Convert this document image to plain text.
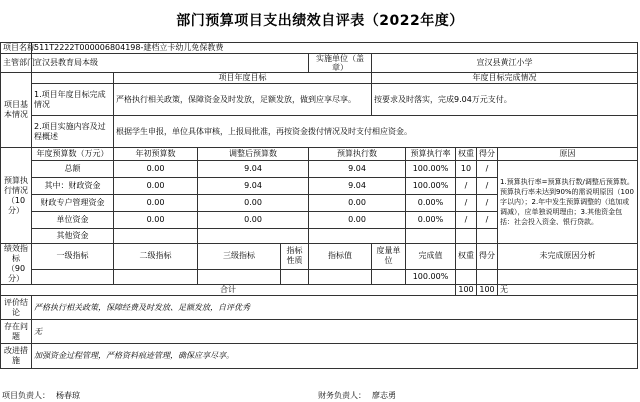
部门预算项目支出绩效自评表（2022年度）
项目名称	511T2222T000006804198-建档立卡幼儿免保教费									
主管部门	宣汉县教育局本级				实施单位（盖章）	宣汉县黄江小学				
项目基本情况		项目年度目标				年度目标完成情况				
	1.项目年度目标完成情况	严格执行相关政策，保障资金及时发放，足额发放，做到应享尽享。				按要求及时落实，完成9.04万元支付。				
	2.项目实施内容及过程概述	根据学生申报，单位具体审核，上报局批准，再按资金拨付情况及时支付相应资金。								
预算执行情况（10分）	年度预算数（万元）	年初预算数	调整后预算数		预算执行数		预算执行率	权重	得分	原因
	总额	0.00	9.04		9.04		100.00%	10	/	1.预算执行率=预算执行数/调整后预算数。预算执行率未达到90%的需说明原因（100字以内）；2.年中发生预算调整的（追加或调减），应单独说明理由；3.其他资金包括：社会投入资金、银行贷款。
	其中：财政资金	0.00	9.04		9.04		100.00%	/	/	
	财政专户管理资金	0.00	0.00		0.00		0.00%	/	/	
	单位资金	0.00	0.00		0.00		0.00%	/	/	
	其他资金									
绩效指标（90分）	一级指标	二级指标	三级指标	指标性质	指标值	度量单位	完成值	权重	得分	未完成原因分析
							100.00%			
合计								100	100	无
评价结论	严格执行相关政策，保障经费及时发放、足额发放，自评优秀									
存在问题	无									
改进措施	加强资金过程管理，严格资料痕迹管理，确保应享尽享。									
项目负责人： 杨春琼	财务负责人： 廖志勇
